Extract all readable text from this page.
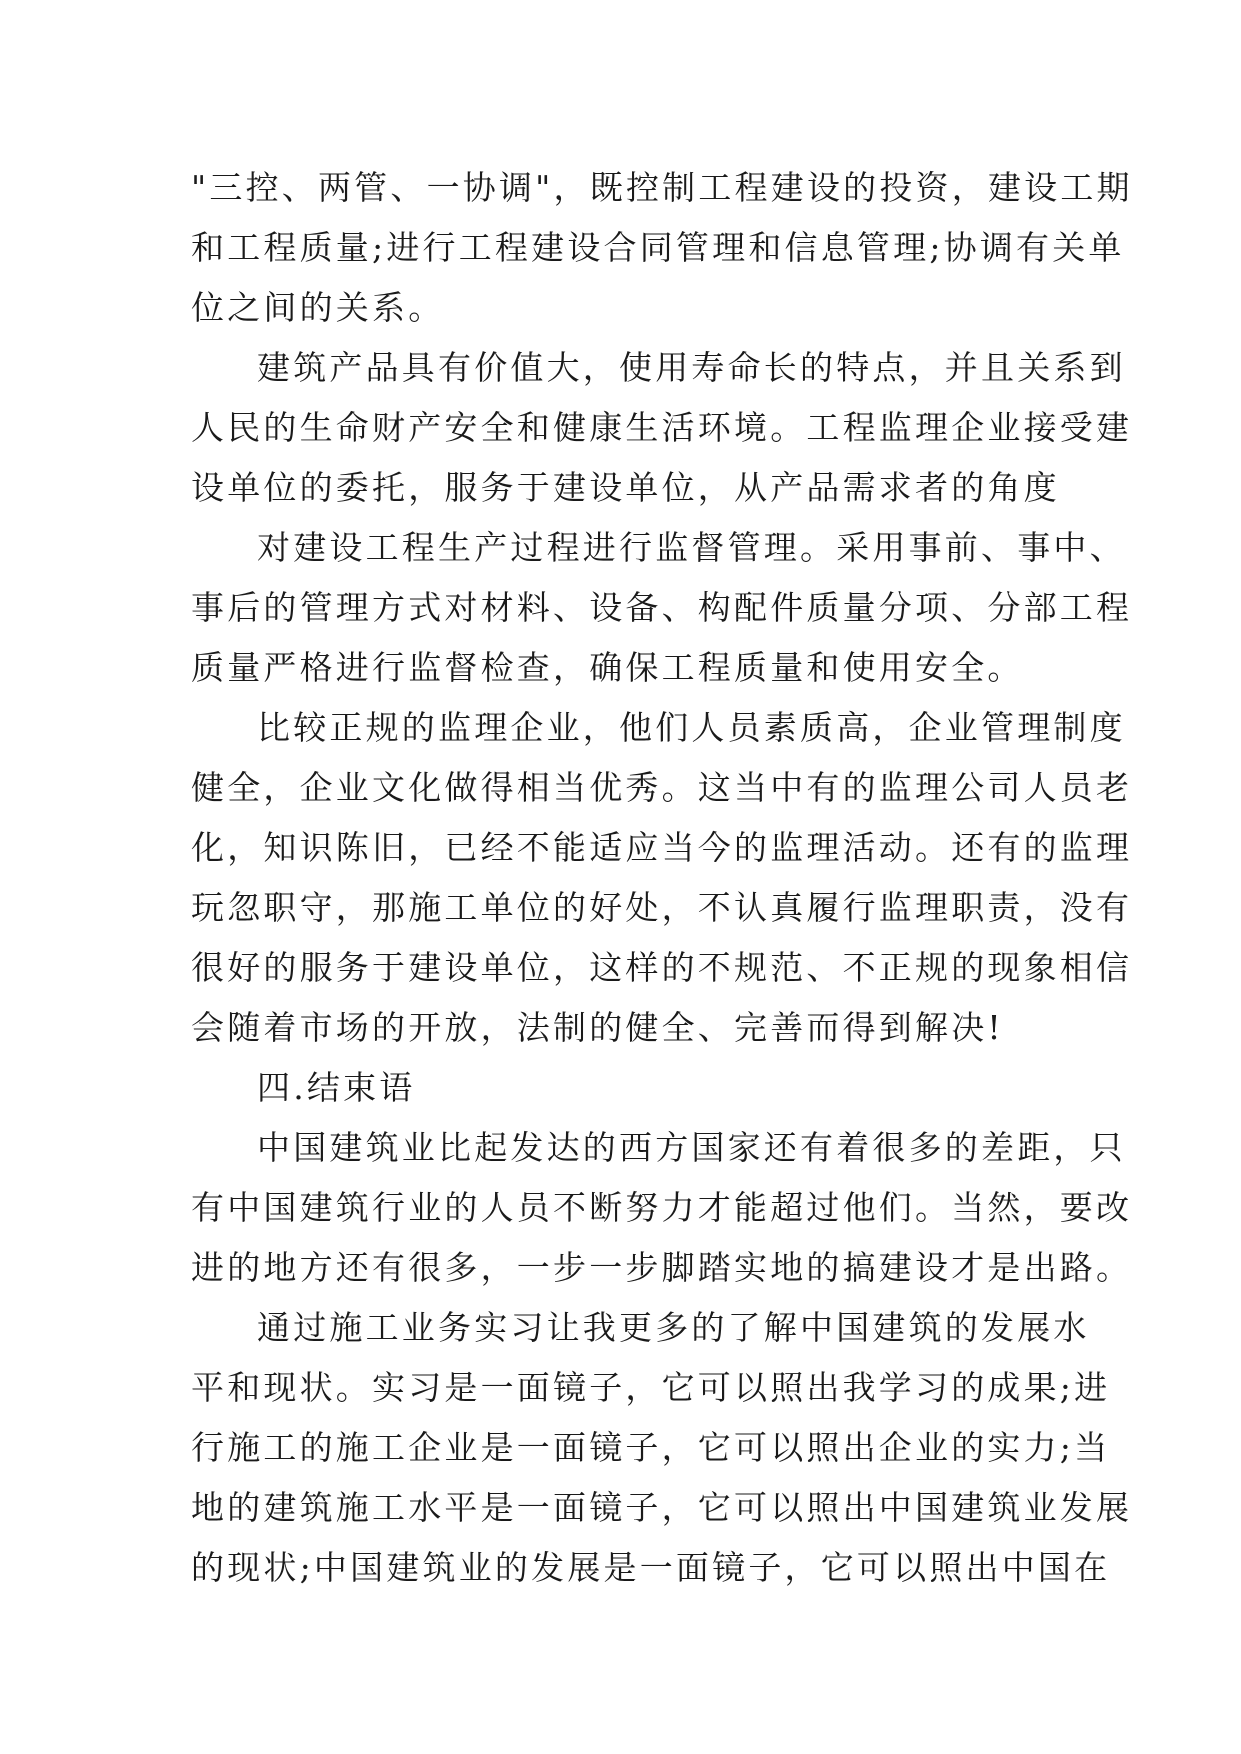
"三控、两管、一协调"，既控制工程建设的投资，建设工期
和工程质量;进行工程建设合同管理和信息管理;协调有关单
位之间的关系。
建筑产品具有价值大，使用寿命长的特点，并且关系到
人民的生命财产安全和健康生活环境。工程监理企业接受建
设单位的委托，服务于建设单位，从产品需求者的角度
对建设工程生产过程进行监督管理。采用事前、事中、
事后的管理方式对材料、设备、构配件质量分项、分部工程
质量严格进行监督检查，确保工程质量和使用安全。
比较正规的监理企业，他们人员素质高，企业管理制度
健全，企业文化做得相当优秀。这当中有的监理公司人员老
化，知识陈旧，已经不能适应当今的监理活动。还有的监理
玩忽职守，那施工单位的好处，不认真履行监理职责，没有
很好的服务于建设单位，这样的不规范、不正规的现象相信
会随着市场的开放，法制的健全、完善而得到解决!
四.结束语
中国建筑业比起发达的西方国家还有着很多的差距，只
有中国建筑行业的人员不断努力才能超过他们。当然，要改
进的地方还有很多，一步一步脚踏实地的搞建设才是出路。
通过施工业务实习让我更多的了解中国建筑的发展水
平和现状。实习是一面镜子，它可以照出我学习的成果;进
行施工的施工企业是一面镜子，它可以照出企业的实力;当
地的建筑施工水平是一面镜子，它可以照出中国建筑业发展
的现状;中国建筑业的发展是一面镜子，它可以照出中国在
